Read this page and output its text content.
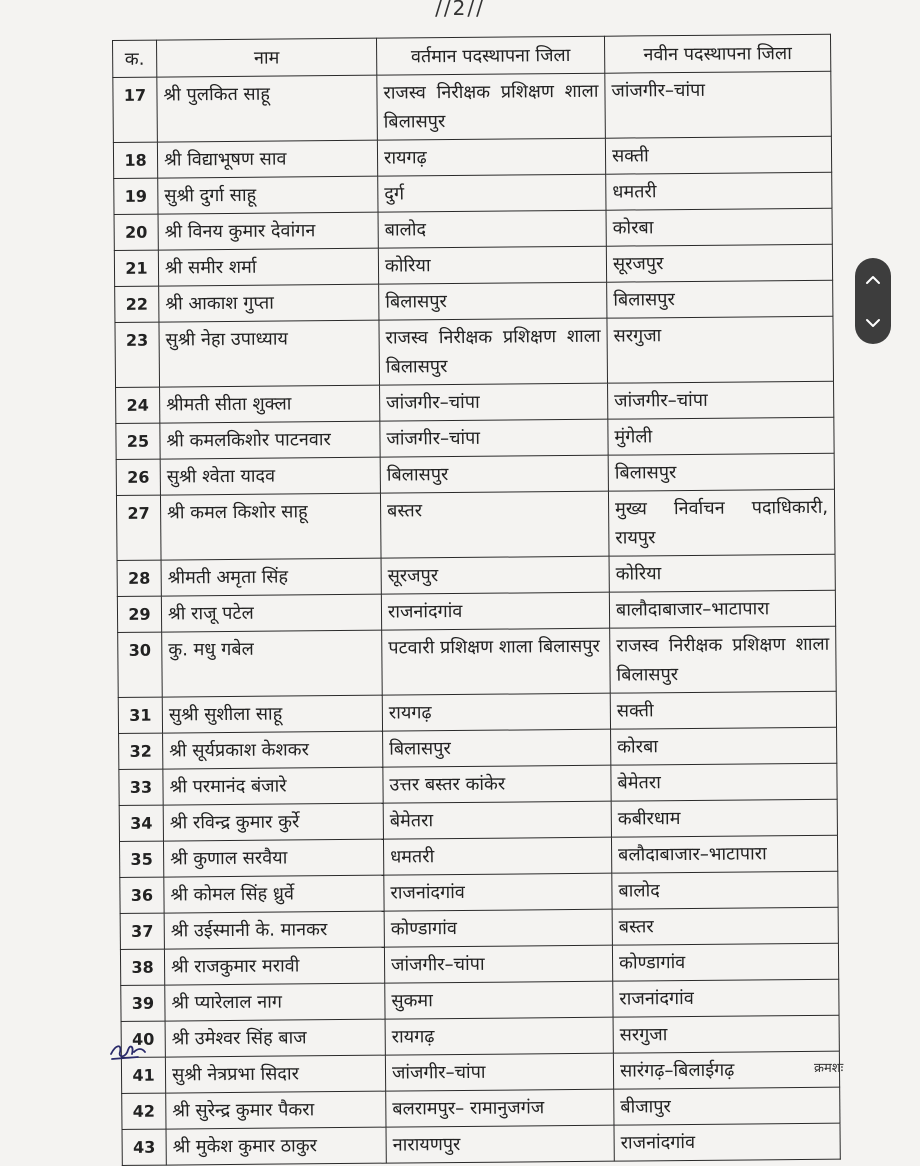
//2//
क.	नाम	वर्तमान पदस्थापना जिला	नवीन पदस्थापना जिला
17	श्री पुलकित साहू	राजस्व निरीक्षक प्रशिक्षण शाला बिलासपुर	जांजगीर–चांपा
18	श्री विद्याभूषण साव	रायगढ़	सक्ती
19	सुश्री दुर्गा साहू	दुर्ग	धमतरी
20	श्री विनय कुमार देवांगन	बालोद	कोरबा
21	श्री समीर शर्मा	कोरिया	सूरजपुर
22	श्री आकाश गुप्ता	बिलासपुर	बिलासपुर
23	सुश्री नेहा उपाध्याय	राजस्व निरीक्षक प्रशिक्षण शाला बिलासपुर	सरगुजा
24	श्रीमती सीता शुक्ला	जांजगीर–चांपा	जांजगीर–चांपा
25	श्री कमलकिशोर पाटनवार	जांजगीर–चांपा	मुंगेली
26	सुश्री श्वेता यादव	बिलासपुर	बिलासपुर
27	श्री कमल किशोर साहू	बस्तर	मुख्य निर्वाचन पदाधिकारी, रायपुर
28	श्रीमती अमृता सिंह	सूरजपुर	कोरिया
29	श्री राजू पटेल	राजनांदगांव	बालौदाबाजार–भाटापारा
30	कु. मधु गबेल	पटवारी प्रशिक्षण शाला बिलासपुर	राजस्व निरीक्षक प्रशिक्षण शाला बिलासपुर
31	सुश्री सुशीला साहू	रायगढ़	सक्ती
32	श्री सूर्यप्रकाश केशकर	बिलासपुर	कोरबा
33	श्री परमानंद बंजारे	उत्तर बस्तर कांकेर	बेमेतरा
34	श्री रविन्द्र कुमार कुर्रे	बेमेतरा	कबीरधाम
35	श्री कुणाल सरवैया	धमतरी	बलौदाबाजार–भाटापारा
36	श्री कोमल सिंह ध्रुर्वे	राजनांदगांव	बालोद
37	श्री उईस्मानी के. मानकर	कोण्डागांव	बस्तर
38	श्री राजकुमार मरावी	जांजगीर–चांपा	कोण्डागांव
39	श्री प्यारेलाल नाग	सुकमा	राजनांदगांव
40	श्री उमेश्वर सिंह बाज	रायगढ़	सरगुजा
41	सुश्री नेत्रप्रभा सिदार	जांजगीर–चांपा	सारंगढ़–बिलाईगढ़
42	श्री सुरेन्द्र कुमार पैकरा	बलरामपुर– रामानुजगंज	बीजापुर
43	श्री मुकेश कुमार ठाकुर	नारायणपुर	राजनांदगांव
क्रमशः
